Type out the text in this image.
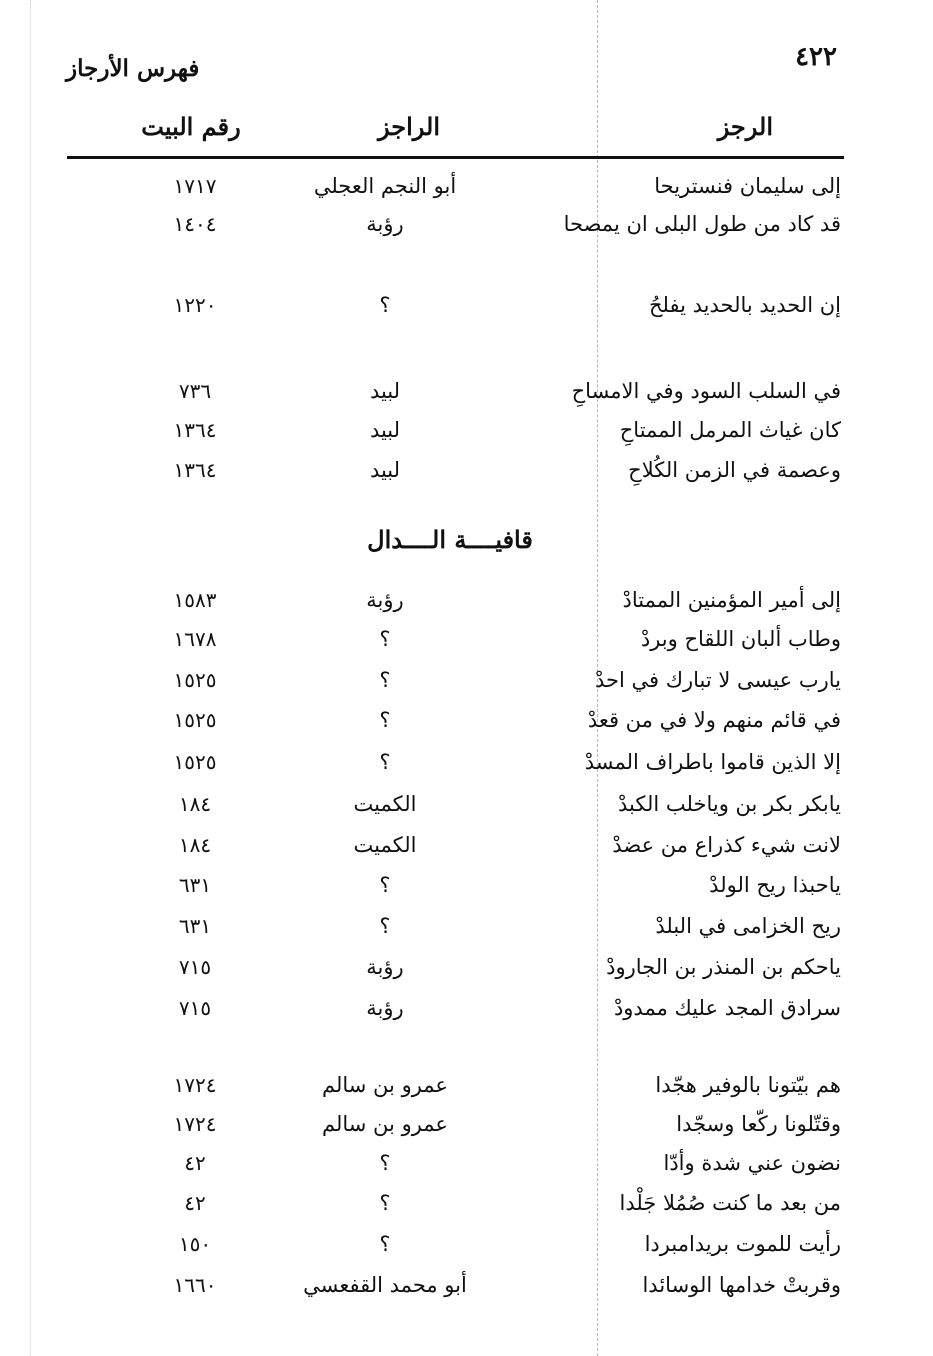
٤٢٢
فهرس الأرجاز
الرجز
الراجز
رقم البيت
إلى سليمان فنستريحا
أبو النجم العجلي
١٧١٧
قد كاد من طول البلى ان يمصحا
رؤبة
١٤٠٤
إن الحديد بالحديد يفلحُ
؟
١٢٢٠
في السلب السود وفي الامساحِ
لبيد
٧٣٦
كان غياث المرمل الممتاحِ
لبيد
١٣٦٤
وعصمة في الزمن الكُلاحِ
لبيد
١٣٦٤
قافيــــة الــــدال
إلى أمير المؤمنين الممتادْ
رؤبة
١٥٨٣
وطاب ألبان اللقاح وبردْ
؟
١٦٧٨
يارب عيسى لا تبارك في احدْ
؟
١٥٢٥
في قائم منهم ولا في من قعدْ
؟
١٥٢٥
إلا الذين قاموا باطراف المسدْ
؟
١٥٢٥
يابكر بكر بن وياخلب الكبدْ
الكميت
١٨٤
لانت شيء كذراع من عضدْ
الكميت
١٨٤
ياحبذا ريح الولدْ
؟
٦٣١
ريح الخزامى في البلدْ
؟
٦٣١
ياحكم بن المنذر بن الجارودْ
رؤبة
٧١٥
سرادق المجد عليك ممدودْ
رؤبة
٧١٥
هم بيّتونا بالوفير هجّدا
عمرو بن سالم
١٧٢٤
وقتّلونا ركّعا وسجّدا
عمرو بن سالم
١٧٢٤
نضون عني شدة وأدّا
؟
٤٢
من بعد ما كنت صُمُلا جَلْدا
؟
٤٢
رأيت للموت بريدامبردا
؟
١٥٠
وقربتْ خدامها الوسائدا
أبو محمد القفعسي
١٦٦٠
